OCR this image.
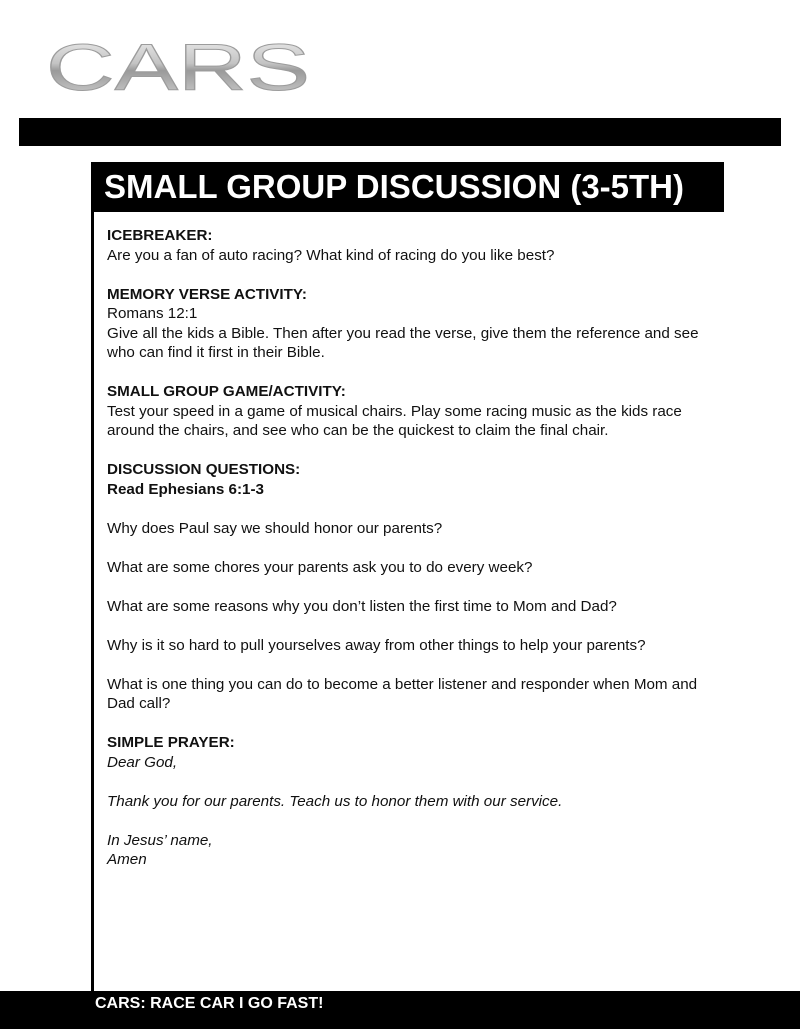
CARS
SMALL GROUP DISCUSSION (3-5TH)

ICEBREAKER:

Are you a fan of auto racing? What kind of racing do you like best?

MEMORY VERSE ACTIVITY:

Romans 12:1

Give all the kids a Bible. Then after you read the verse, give them the reference and see who can find it first in their Bible.

SMALL GROUP GAME/ACTIVITY:

Test your speed in a game of musical chairs. Play some racing music as the kids race around the chairs, and see who can be the quickest to claim the final chair.

DISCUSSION QUESTIONS:

Read Ephesians 6:1-3

Why does Paul say we should honor our parents?

What are some chores your parents ask you to do every week?

What are some reasons why you don’t listen the first time to Mom and Dad?

Why is it so hard to pull yourselves away from other things to help your parents?

What is one thing you can do to become a better listener and responder when Mom and Dad call?

SIMPLE PRAYER:

Dear God,

Thank you for our parents. Teach us to honor them with our service.

In Jesus’ name,

Amen

CARS: RACE CAR I GO FAST!
